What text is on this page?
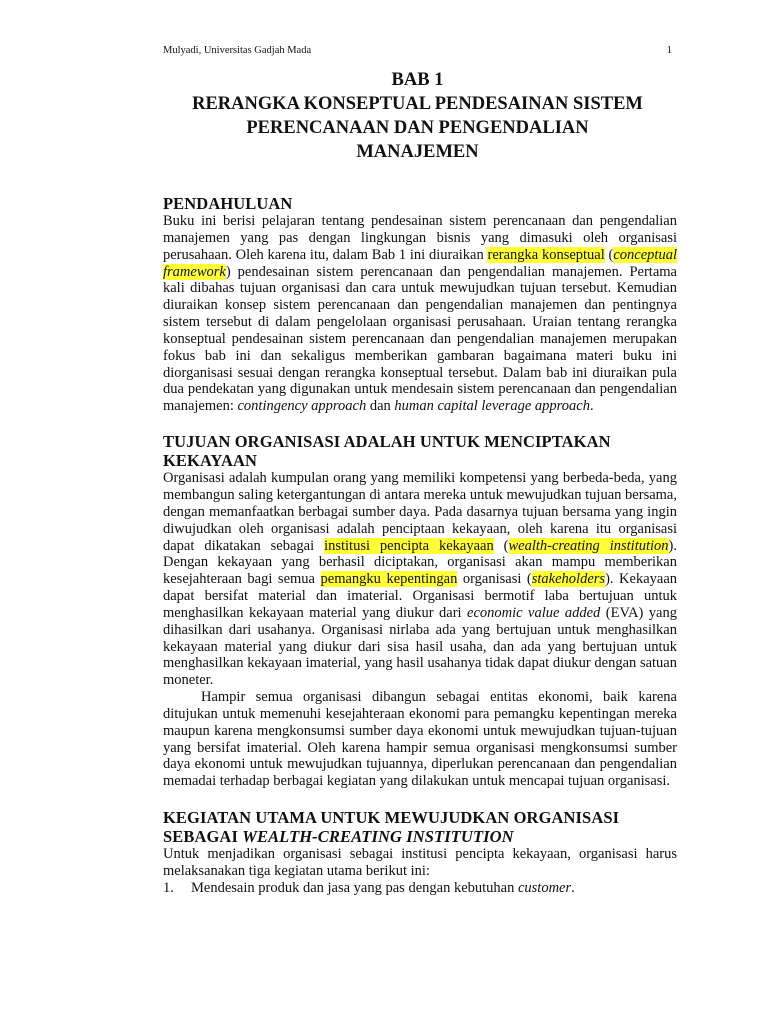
Mulyadi, Universitas Gadjah Mada	1
BAB 1
RERANGKA KONSEPTUAL PENDESAINAN SISTEM
PERENCANAAN DAN PENGENDALIAN
MANAJEMEN
PENDAHULUAN

Buku ini berisi pelajaran tentang pendesainan sistem perencanaan dan pengendalian manajemen yang pas dengan lingkungan bisnis yang dimasuki oleh organisasi perusahaan. Oleh karena itu, dalam Bab 1 ini diuraikan rerangka konseptual (conceptual framework) pendesainan sistem perencanaan dan pengendalian manajemen. Pertama kali dibahas tujuan organisasi dan cara untuk mewujudkan tujuan tersebut. Kemudian diuraikan konsep sistem perencanaan dan pengendalian manajemen dan pentingnya sistem tersebut di dalam pengelolaan organisasi perusahaan. Uraian tentang rerangka konseptual pendesainan sistem perencanaan dan pengendalian manajemen merupakan fokus bab ini dan sekaligus memberikan gambaran bagaimana materi buku ini diorganisasi sesuai dengan rerangka konseptual tersebut. Dalam bab ini diuraikan pula dua pendekatan yang digunakan untuk mendesain sistem perencanaan dan pengendalian manajemen: contingency approach dan human capital leverage approach.

TUJUAN ORGANISASI ADALAH UNTUK MENCIPTAKAN KEKAYAAN

Organisasi adalah kumpulan orang yang memiliki kompetensi yang berbeda-beda, yang membangun saling ketergantungan di antara mereka untuk mewujudkan tujuan bersama, dengan memanfaatkan berbagai sumber daya. Pada dasarnya tujuan bersama yang ingin diwujudkan oleh organisasi adalah penciptaan kekayaan, oleh karena itu organisasi dapat dikatakan sebagai institusi pencipta kekayaan (wealth-creating institution). Dengan kekayaan yang berhasil diciptakan, organisasi akan mampu memberikan kesejahteraan bagi semua pemangku kepentingan organisasi (stakeholders). Kekayaan dapat bersifat material dan imaterial. Organisasi bermotif laba bertujuan untuk menghasilkan kekayaan material yang diukur dari economic value added (EVA) yang dihasilkan dari usahanya. Organisasi nirlaba ada yang bertujuan untuk menghasilkan kekayaan material yang diukur dari sisa hasil usaha, dan ada yang bertujuan untuk menghasilkan kekayaan imaterial, yang hasil usahanya tidak dapat diukur dengan satuan moneter.

Hampir semua organisasi dibangun sebagai entitas ekonomi, baik karena ditujukan untuk memenuhi kesejahteraan ekonomi para pemangku kepentingan mereka maupun karena mengkonsumsi sumber daya ekonomi untuk mewujudkan tujuan-tujuan yang bersifat imaterial. Oleh karena hampir semua organisasi mengkonsumsi sumber daya ekonomi untuk mewujudkan tujuannya, diperlukan perencanaan dan pengendalian memadai terhadap berbagai kegiatan yang dilakukan untuk mencapai tujuan organisasi.

KEGIATAN UTAMA UNTUK MEWUJUDKAN ORGANISASI SEBAGAI WEALTH-CREATING INSTITUTION

Untuk menjadikan organisasi sebagai institusi pencipta kekayaan, organisasi harus melaksanakan tiga kegiatan utama berikut ini:

1.	Mendesain produk dan jasa yang pas dengan kebutuhan customer.
